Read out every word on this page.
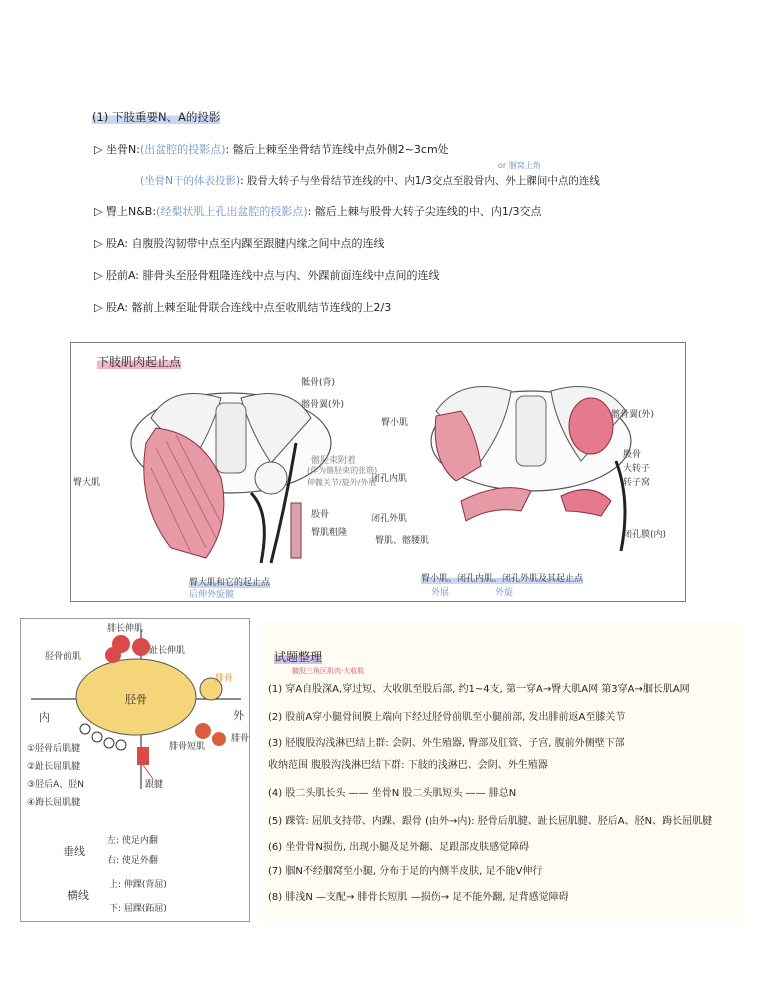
(1) 下肢重要N、A的投影
▷ 坐骨N:(出盆腔的投影点): 髂后上棘至坐骨结节连线中点外侧2~3cm处
or 腘窝上角
(坐骨N干的体表投影): 股骨大转子与坐骨结节连线的中、内1/3交点至股骨内、外上髁间中点的连线
▷ 臀上N&B:(经梨状肌上孔出盆腔的投影点): 髂后上棘与股骨大转子尖连线的中、内1/3交点
▷ 股A: 自腹股沟韧带中点至内踝至跟腱内缘之间中点的连线
▷ 胫前A: 腓骨头至胫骨粗隆连线中点与内、外踝前面连线中点间的连线
▷ 股A: 髂前上棘至耻骨联合连线中点至收肌结节连线的上2/3
下肢肌肉起止点
骶骨(背)
髂骨翼(外)
臀大肌
髂胫束附着
(作为髂胫束的张筋)
股骨
臀肌粗隆
伸髋关节/旋外/外展
臀大肌和它的起止点
后伸外旋髋
髂骨翼(外)
臀小肌
股骨
大转子
转子窝
闭孔内肌
闭孔外肌
闭孔膜(内)
臀肌、髂腰肌
臀小肌、闭孔内肌、闭孔外肌及其起止点
外展	外旋
腓长伸肌
趾长伸肌
胫骨前肌
胫骨
腓骨
内	外
跟腱
腓骨短肌
腓骨
①胫骨后肌腱
②趾长屈肌腱
③胫后A、胫N
④踇长屈肌腱
垂线
左: 使足内翻
右: 使足外翻
横线
上: 伸踝(背屈)
下: 屈踝(跖屈)
试题整理
髋股三角区肌肉·大收肌
(1) 穿A自股深A,穿过短、大收肌至股后部, 约1~4支, 第一穿A→臀大肌A网 第3穿A→腘长肌A网
(2) 股前A穿小腿骨间膜上端向下经过胫骨前肌至小腿前部, 发出腓前返A至膝关节
(3) 胫腹股沟浅淋巴结上群: 会阴、外生殖器, 臀部及肛管、子宫, 腹前外侧壁下部
收纳范围 腹股沟浅淋巴结下群: 下肢的浅淋巴、会阴、外生殖器
(4) 股二头肌长头 —— 坐骨N 股二头肌短头 —— 腓总N
(5) 踝管: 屈肌支持带、内踝、跟骨 (由外→内): 胫骨后肌腱、趾长屈肌腱、胫后A、胫N、踇长屈肌腱
(6) 坐骨骨N损伤, 出现小腿及足外翻、足跟部皮肤感觉障碍
(7) 腘N不经腘窝至小腿, 分布于足的内侧半皮肤, 足不能V伸行
(8) 腓浅N —支配→ 腓骨长短肌 —损伤→ 足不能外翻, 足背感觉障碍
